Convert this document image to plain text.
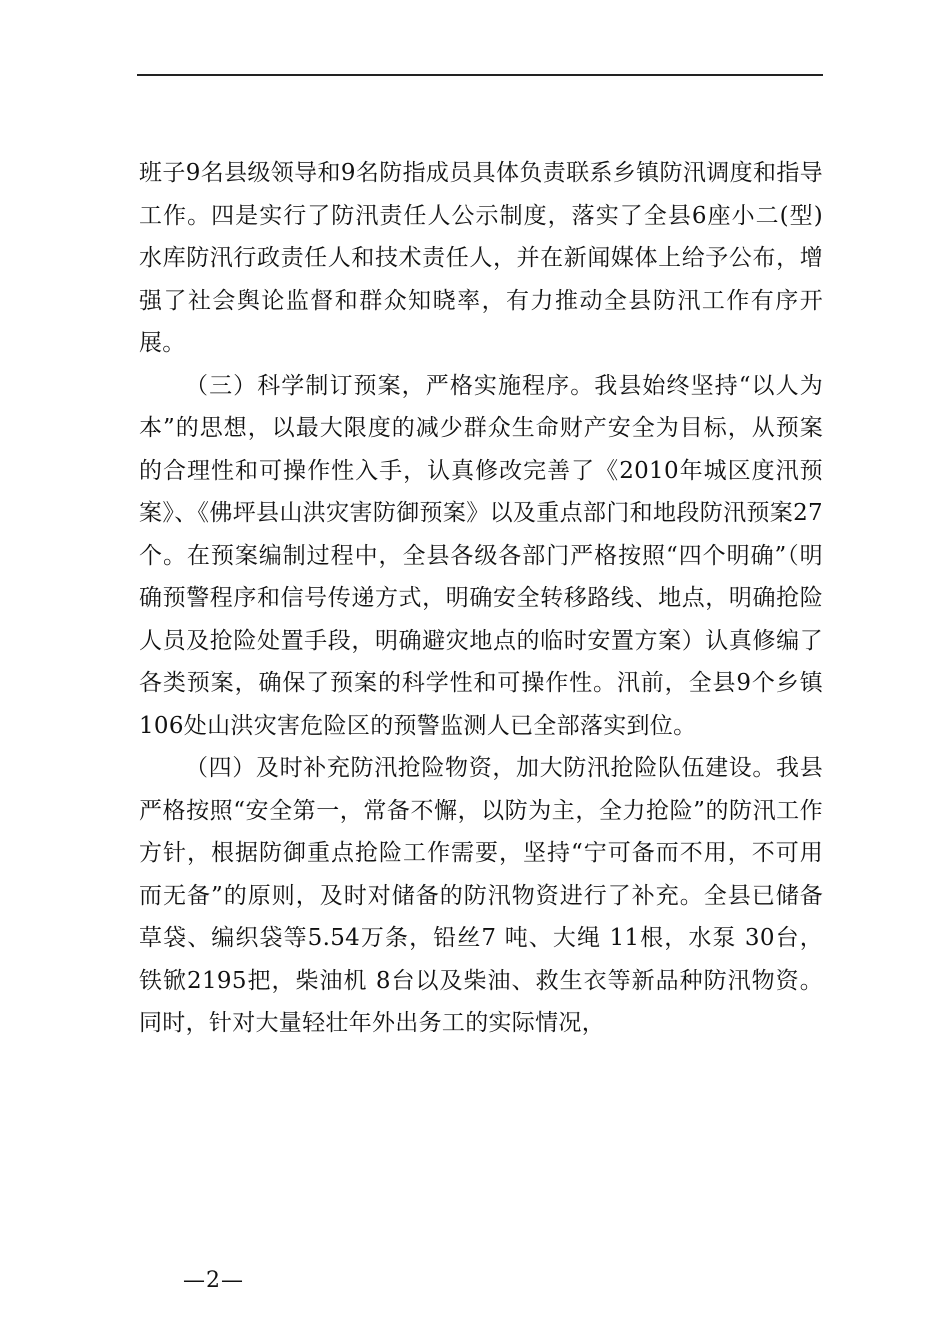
班子9名县级领导和9名防指成员具体负责联系乡镇防汛调度和指导工作。四是实行了防汛责任人公示制度，落实了全县6座小二(型)水库防汛行政责任人和技术责任人，并在新闻媒体上给予公布，增强了社会舆论监督和群众知晓率，有力推动全县防汛工作有序开展。

（三）科学制订预案，严格实施程序。我县始终坚持“以人为本”的思想，以最大限度的减少群众生命财产安全为目标，从预案的合理性和可操作性入手，认真修改完善了《2010年城区度汛预案》、《佛坪县山洪灾害防御预案》以及重点部门和地段防汛预案27个。在预案编制过程中，全县各级各部门严格按照“四个明确”（明确预警程序和信号传递方式，明确安全转移路线、地点，明确抢险人员及抢险处置手段，明确避灾地点的临时安置方案）认真修编了各类预案，确保了预案的科学性和可操作性。汛前，全县9个乡镇106处山洪灾害危险区的预警监测人已全部落实到位。

（四）及时补充防汛抢险物资，加大防汛抢险队伍建设。我县严格按照“安全第一，常备不懈，以防为主，全力抢险”的防汛工作方针，根据防御重点抢险工作需要，坚持“宁可备而不用，不可用而无备”的原则，及时对储备的防汛物资进行了补充。全县已储备草袋、编织袋等5.54万条，铅丝7 吨、大绳 11根，水泵 30台，铁锨2195把，柴油机 8台以及柴油、救生衣等新品种防汛物资。同时，针对大量轻壮年外出务工的实际情况，

—2—
